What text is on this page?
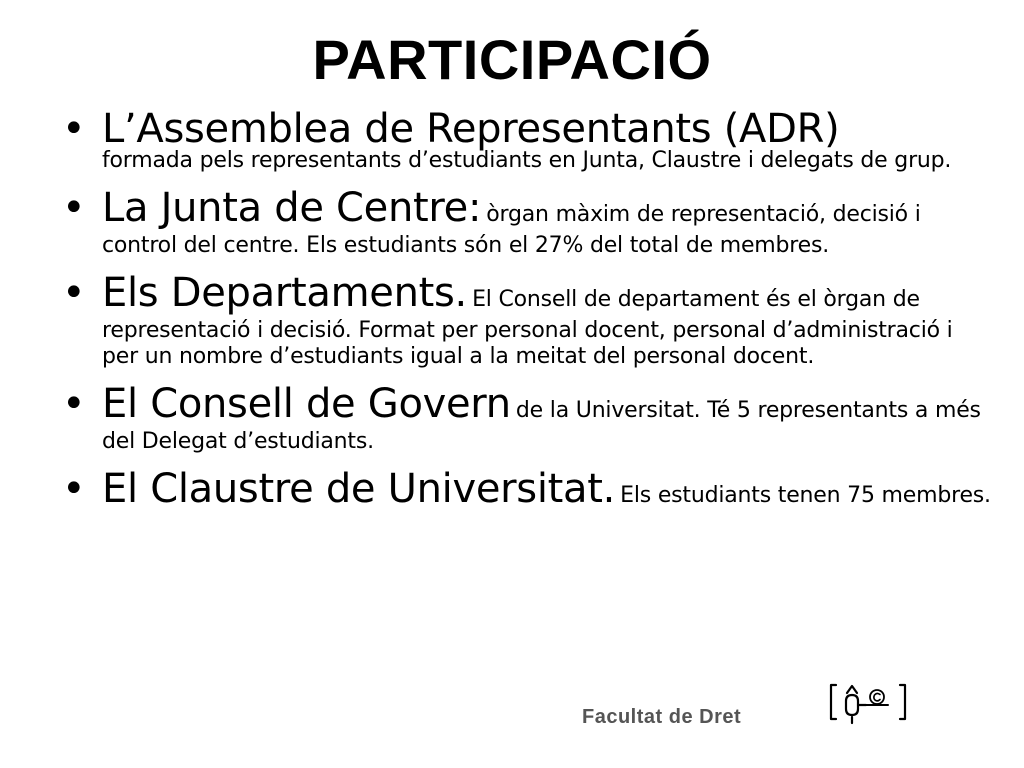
PARTICIPACIÓ
• L’Assemblea de Representants (ADR)
formada pels representants d’estudiants en Junta, Claustre i delegats de grup.
• La Junta de Centre: òrgan màxim de representació, decisió i control del centre. Els estudiants són el 27% del total de membres.
• Els Departaments. El Consell de departament és el òrgan de representació i decisió. Format per personal docent, personal d’administració i per un nombre d’estudiants igual a la meitat del personal docent.
• El Consell de Govern de la Universitat. Té 5 representants a més del Delegat d’estudiants.
• El Claustre de Universitat. Els estudiants tenen 75 membres.
Facultat de Dret
